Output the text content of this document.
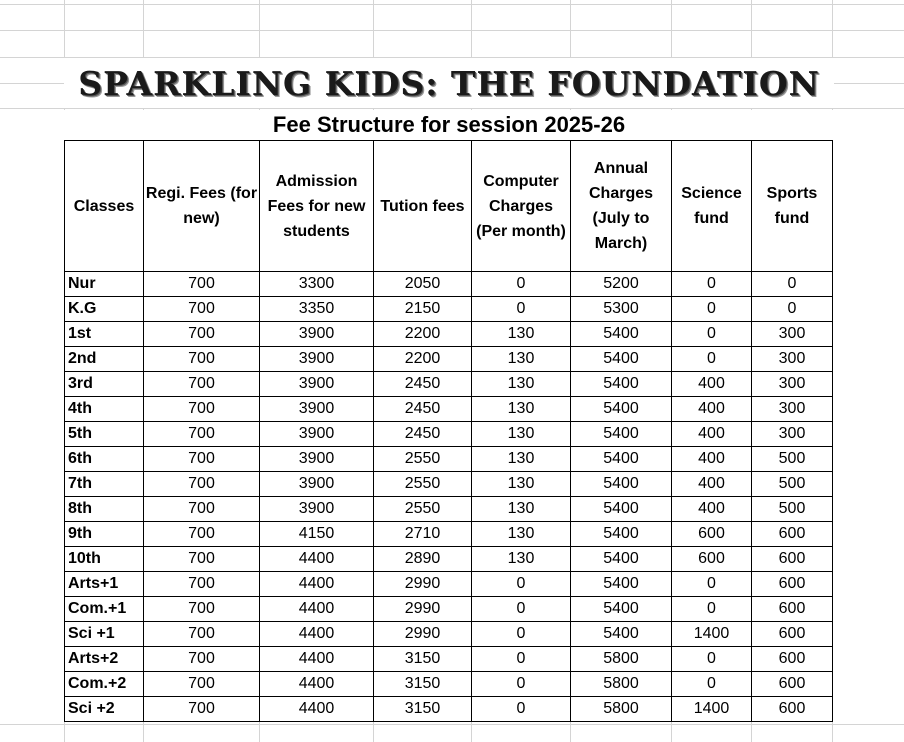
SPARKLING KIDS: THE FOUNDATION
Fee Structure for session 2025-26
Classes	Regi. Fees (for new)	Admission Fees for new students	Tution fees	Computer Charges (Per month)	Annual Charges (July to March)	Science fund	Sports fund
Nur	700	3300	2050	0	5200	0	0
K.G	700	3350	2150	0	5300	0	0
1st	700	3900	2200	130	5400	0	300
2nd	700	3900	2200	130	5400	0	300
3rd	700	3900	2450	130	5400	400	300
4th	700	3900	2450	130	5400	400	300
5th	700	3900	2450	130	5400	400	300
6th	700	3900	2550	130	5400	400	500
7th	700	3900	2550	130	5400	400	500
8th	700	3900	2550	130	5400	400	500
9th	700	4150	2710	130	5400	600	600
10th	700	4400	2890	130	5400	600	600
Arts+1	700	4400	2990	0	5400	0	600
Com.+1	700	4400	2990	0	5400	0	600
Sci +1	700	4400	2990	0	5400	1400	600
Arts+2	700	4400	3150	0	5800	0	600
Com.+2	700	4400	3150	0	5800	0	600
Sci +2	700	4400	3150	0	5800	1400	600
